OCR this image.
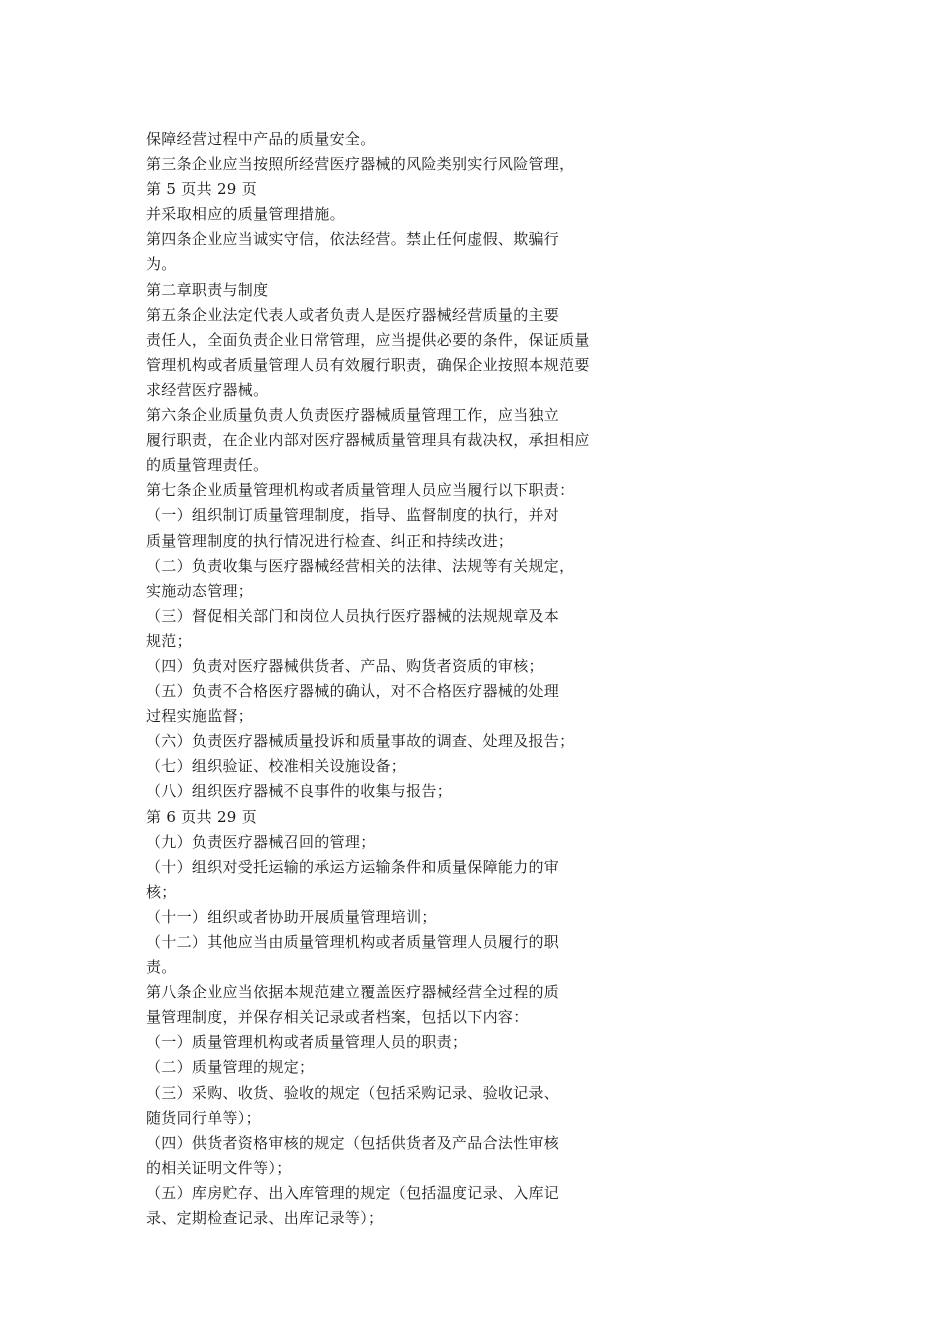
保障经营过程中产品的质量安全。
第三条企业应当按照所经营医疗器械的风险类别实行风险管理，
第 5 页共 29 页
并采取相应的质量管理措施。
第四条企业应当诚实守信，依法经营。禁止任何虚假、欺骗行
为。
第二章职责与制度
第五条企业法定代表人或者负责人是医疗器械经营质量的主要
责任人，全面负责企业日常管理，应当提供必要的条件，保证质量
管理机构或者质量管理人员有效履行职责，确保企业按照本规范要
求经营医疗器械。
第六条企业质量负责人负责医疗器械质量管理工作，应当独立
履行职责，在企业内部对医疗器械质量管理具有裁决权，承担相应
的质量管理责任。
第七条企业质量管理机构或者质量管理人员应当履行以下职责：
（一）组织制订质量管理制度，指导、监督制度的执行，并对
质量管理制度的执行情况进行检查、纠正和持续改进；
（二）负责收集与医疗器械经营相关的法律、法规等有关规定，
实施动态管理；
（三）督促相关部门和岗位人员执行医疗器械的法规规章及本
规范；
（四）负责对医疗器械供货者、产品、购货者资质的审核；
（五）负责不合格医疗器械的确认，对不合格医疗器械的处理
过程实施监督；
（六）负责医疗器械质量投诉和质量事故的调查、处理及报告；
（七）组织验证、校准相关设施设备；
（八）组织医疗器械不良事件的收集与报告；
第 6 页共 29 页
（九）负责医疗器械召回的管理；
（十）组织对受托运输的承运方运输条件和质量保障能力的审
核；
（十一）组织或者协助开展质量管理培训；
（十二）其他应当由质量管理机构或者质量管理人员履行的职
责。
第八条企业应当依据本规范建立覆盖医疗器械经营全过程的质
量管理制度，并保存相关记录或者档案，包括以下内容：
（一）质量管理机构或者质量管理人员的职责；
（二）质量管理的规定；
（三）采购、收货、验收的规定（包括采购记录、验收记录、
随货同行单等）；
（四）供货者资格审核的规定（包括供货者及产品合法性审核
的相关证明文件等）；
（五）库房贮存、出入库管理的规定（包括温度记录、入库记
录、定期检查记录、出库记录等）；
